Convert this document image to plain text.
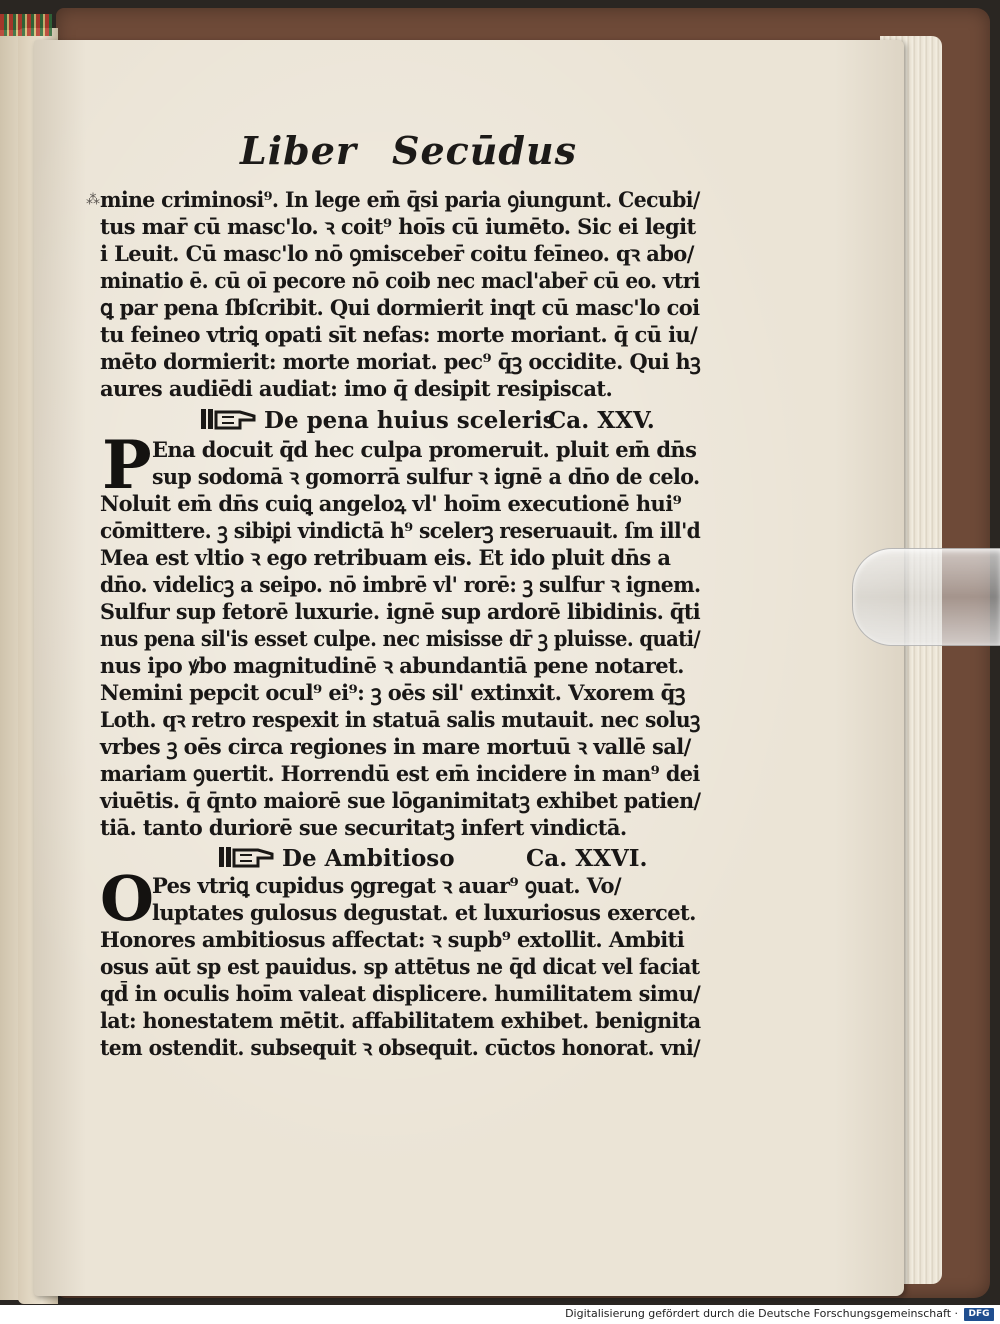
Liber Secūdus
⁂ mine criminosi⁹. In lege em̄ q̄si paria ꝯiungunt. Cecubi/
tus mar̄ cū masc'lo. ꝛ coit⁹ hoīs cū iumēto. Sic ei legit
i Leuit. Cū masc'lo nō ꝯmisceber̄ coitu feīneo. qꝛ abo/
minatio ē. cū oī pecore nō coib nec macl'aber̄ cū eo. vtri
ꝗ par pena ſbſcribit. Qui dormierit inqt cū masc'lo coi
tu feineo vtriꝗ opati sīt nefas: morte moriant. q̄ cū iu/
mēto dormierit: morte moriat. pec⁹ q̄ꝫ occidite. Qui hꝫ
aures audiēdi audiat: imo q̄ desipit resipiscat.
De pena huius sceleris
Ca. XXV.
P Ena docuit q̄d hec culpa promeruit. pluit em̄ dn̄s
sup sodomā ꝛ gomorrā sulfur ꝛ ignē a dn̄o de celo.
Noluit em̄ dn̄s cuiꝗ angeloꝝ vl' hoīm executionē hui⁹
cōmittere. ꝫ sibiꝑi vindictā h⁹ scelerꝫ reseruauit. ſm ill'd
Mea est vltio ꝛ ego retribuam eis. Et ido pluit dn̄s a
dn̄o. videlicꝫ a seipo. nō imbrē vl' rorē: ꝫ sulfur ꝛ ignem.
Sulfur sup fetorē luxurie. ignē sup ardorē libidinis. q̄ti
nus pena sil'is esset culpe. nec misisse dr̄ ꝫ pluisse. quati/
nus ipo ꝟbo magnitudinē ꝛ abundantiā pene notaret.
Nemini pepcit ocul⁹ ei⁹: ꝫ oēs sil' extinxit. Vxorem q̄ꝫ
Loth. qꝛ retro respexit in statuā salis mutauit. nec soluꝫ
vrbes ꝫ oēs circa regiones in mare mortuū ꝛ vallē sal/
mariam ꝯuertit. Horrendū est em̄ incidere in man⁹ dei
viuētis. q̄ q̄nto maiorē sue lōganimitatꝫ exhibet patien/
tiā. tanto duriorē sue securitatꝫ infert vindictā.
De Ambitioso	Ca. XXVI.
O
Pes vtriꝗ cupidus ꝯgregat ꝛ auar⁹ ꝯuat. Vo/
luptates gulosus degustat. et luxuriosus exercet.
Honores ambitiosus affectat: ꝛ supb⁹ extollit. Ambiti
osus aūt sp est pauidus. sp attētus ne q̄d dicat vel faciat
qd̄ in oculis hoīm valeat displicere. humilitatem simu/
lat: honestatem mētit. affabilitatem exhibet. benignita
tem ostendit. subsequit ꝛ obsequit. cūctos honorat. vni/
Digitalisierung gefördert durch die Deutsche Forschungsgemeinschaft ·	DFG
